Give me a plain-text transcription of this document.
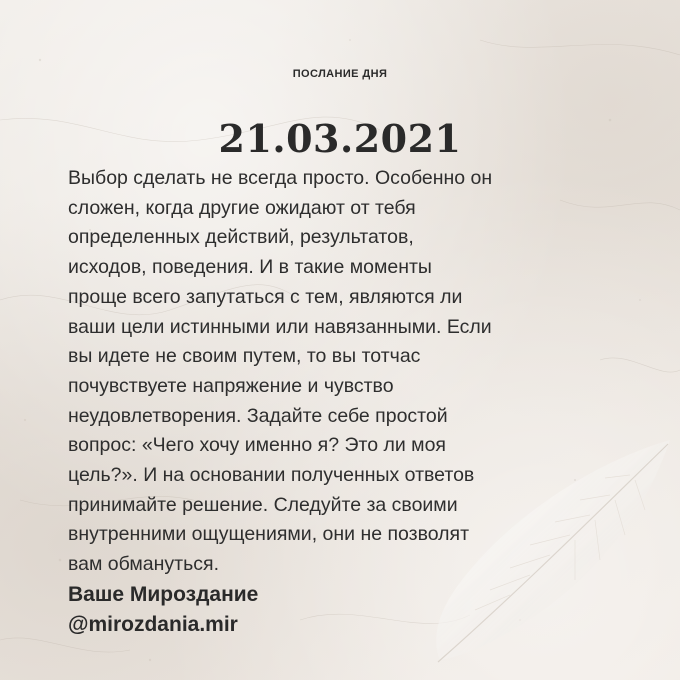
ПОСЛАНИЕ ДНЯ
21.03.2021
Выбор сделать не всегда просто. Особенно он
сложен, когда другие ожидают от тебя
определенных действий, результатов,
исходов, поведения. И в такие моменты
проще всего запутаться с тем, являются ли
ваши цели истинными или навязанными. Если
вы идете не своим путем, то вы тотчас
почувствуете напряжение и чувство
неудовлетворения. Задайте себе простой
вопрос: «Чего хочу именно я? Это ли моя
цель?». И на основании полученных ответов
принимайте решение. Следуйте за своими
внутренними ощущениями, они не позволят
вам обмануться.
Ваше Мироздание
@mirozdania.mir
